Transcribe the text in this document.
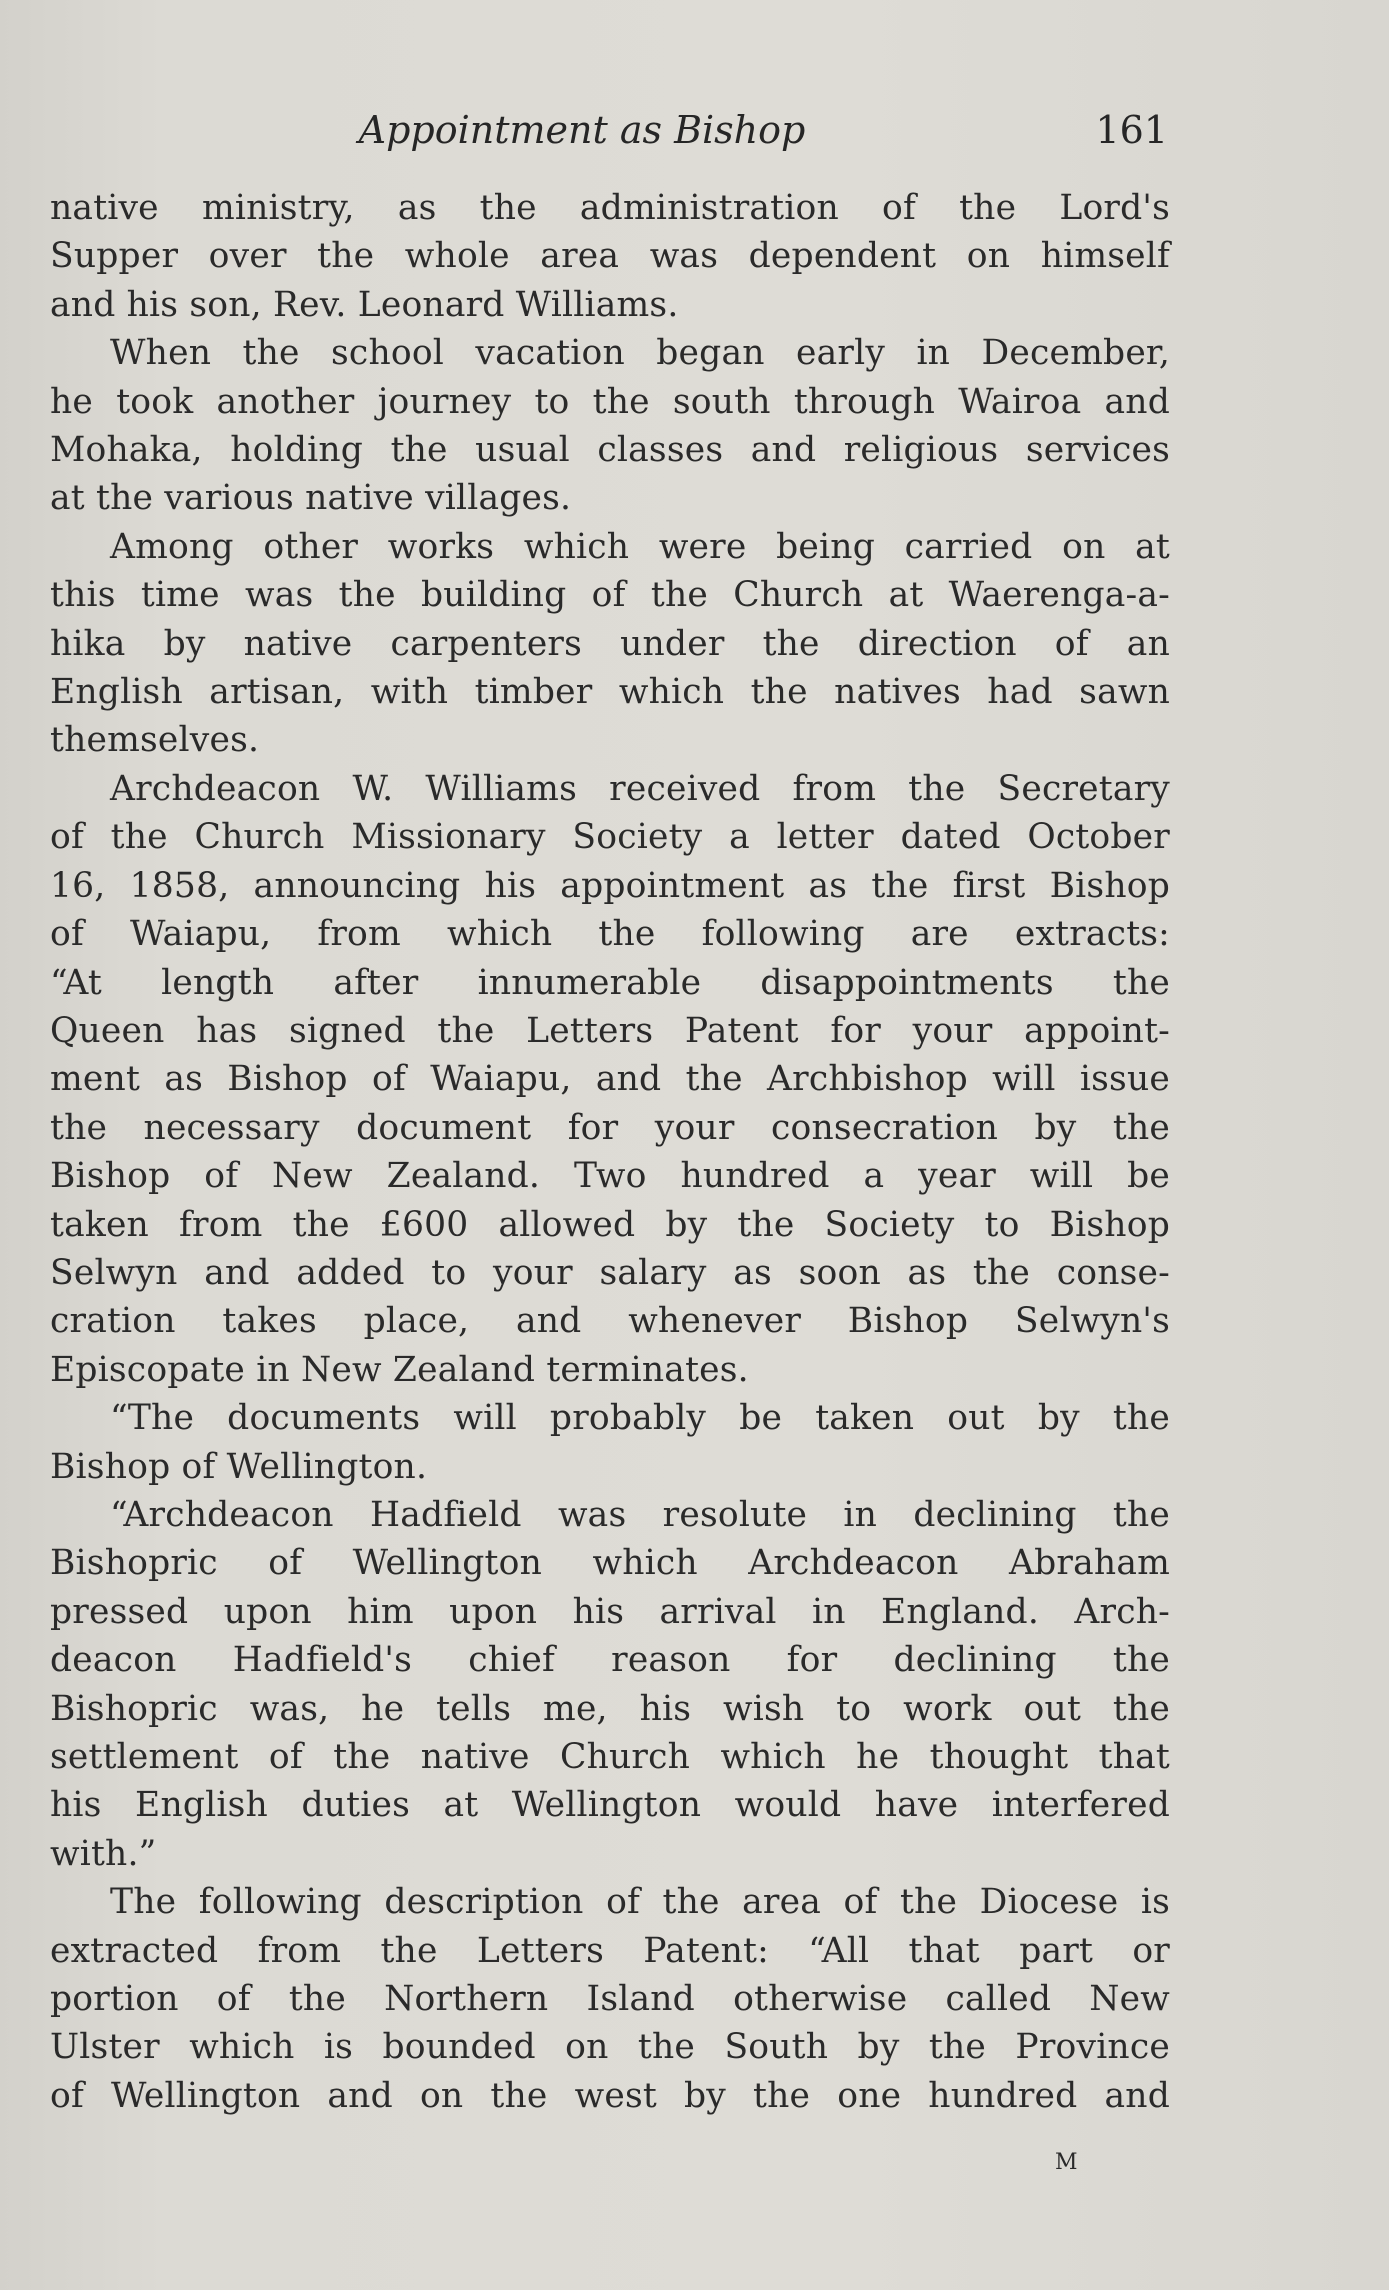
Appointment as Bishop	161

native ministry, as the administration of the Lord's

Supper over the whole area was dependent on himself

and his son, Rev. Leonard Williams.

When the school vacation began early in December,

he took another journey to the south through Wairoa and

Mohaka, holding the usual classes and religious services

at the various native villages.

Among other works which were being carried on at

this time was the building of the Church at Waerenga-a-

hika by native carpenters under the direction of an

English artisan, with timber which the natives had sawn

themselves.

Archdeacon W. Williams received from the Secretary

of the Church Missionary Society a letter dated October

16, 1858, announcing his appointment as the first Bishop

of Waiapu, from which the following are extracts:

“At length after innumerable disappointments the

Queen has signed the Letters Patent for your appoint-

ment as Bishop of Waiapu, and the Archbishop will issue

the necessary document for your consecration by the

Bishop of New Zealand. Two hundred a year will be

taken from the £600 allowed by the Society to Bishop

Selwyn and added to your salary as soon as the conse-

cration takes place, and whenever Bishop Selwyn's

Episcopate in New Zealand terminates.

“The documents will probably be taken out by the

Bishop of Wellington.

“Archdeacon Hadfield was resolute in declining the

Bishopric of Wellington which Archdeacon Abraham

pressed upon him upon his arrival in England. Arch-

deacon Hadfield's chief reason for declining the

Bishopric was, he tells me, his wish to work out the

settlement of the native Church which he thought that

his English duties at Wellington would have interfered

with.”

The following description of the area of the Diocese is

extracted from the Letters Patent: “All that part or

portion of the Northern Island otherwise called New

Ulster which is bounded on the South by the Province

of Wellington and on the west by the one hundred and

M
